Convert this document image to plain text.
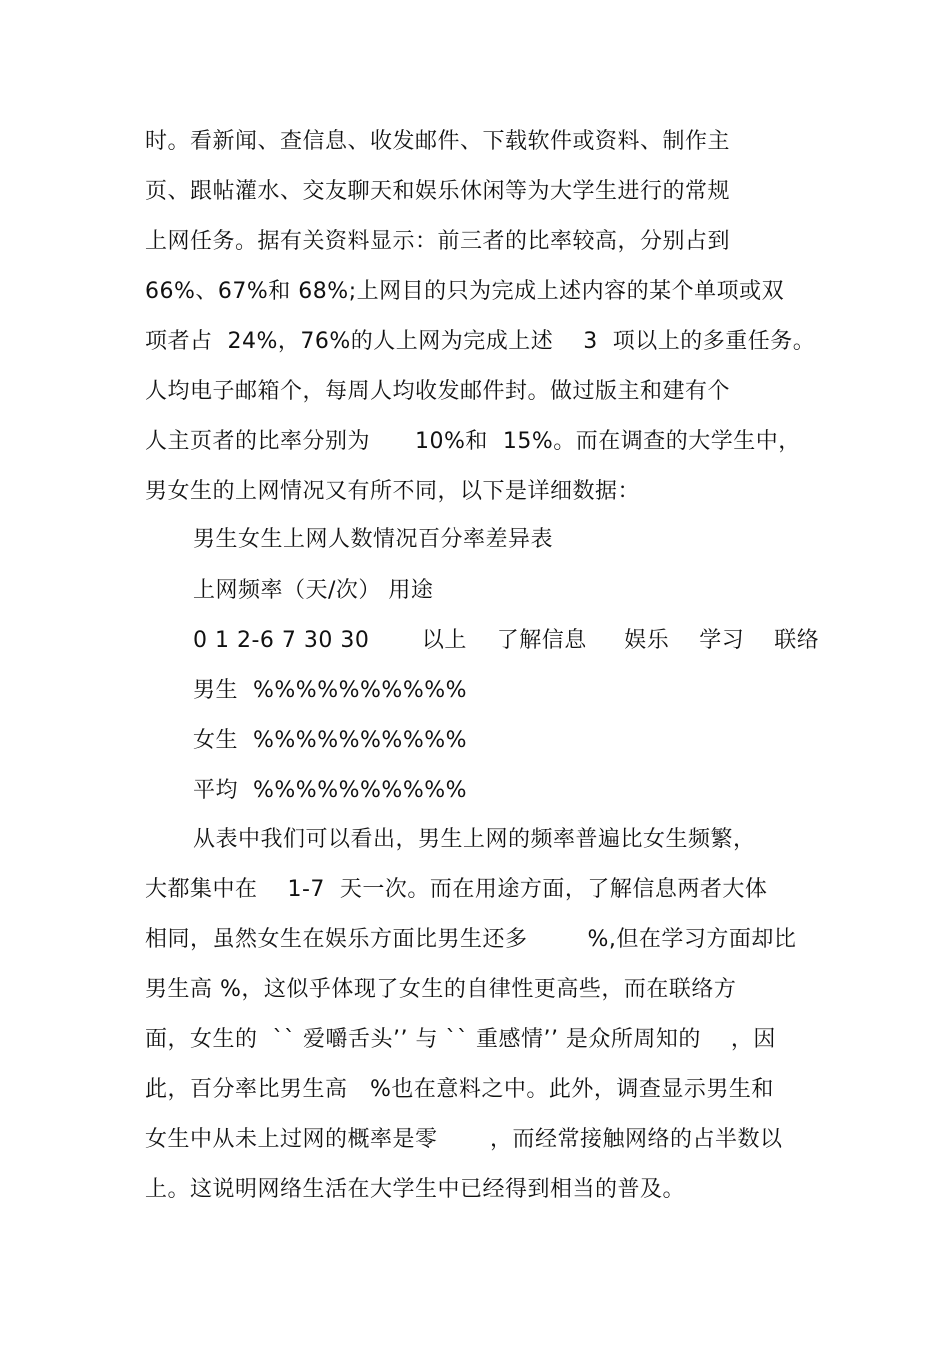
时。看新闻、查信息、收发邮件、下载软件或资料、制作主
页、跟帖灌水、交友聊天和娱乐休闲等为大学生进行的常规
上网任务。据有关资料显示：前三者的比率较高，分别占到
66%、67%和 68%;上网目的只为完成上述内容的某个单项或双
项者占  24%，76%的人上网为完成上述    3  项以上的多重任务。
人均电子邮箱个，每周人均收发邮件封。做过版主和建有个
人主页者的比率分别为      10%和  15%。而在调查的大学生中，
男女生的上网情况又有所不同，以下是详细数据：
男生女生上网人数情况百分率差异表
上网频率（天/次） 用途
0 1 2-6 7 30 30       以上    了解信息     娱乐    学习    联络
男生  %%%%%%%%%%
女生  %%%%%%%%%%
平均  %%%%%%%%%%
从表中我们可以看出，男生上网的频率普遍比女生频繁，
大都集中在    1-7  天一次。而在用途方面，了解信息两者大体
相同，虽然女生在娱乐方面比男生还多        %,但在学习方面却比
男生高 %，这似乎体现了女生的自律性更高些，而在联络方
面，女生的  `` 爱嚼舌头’’ 与 `` 重感情’’ 是众所周知的    ，因
此，百分率比男生高   %也在意料之中。此外，调查显示男生和
女生中从未上过网的概率是零       ，而经常接触网络的占半数以
上。这说明网络生活在大学生中已经得到相当的普及。
